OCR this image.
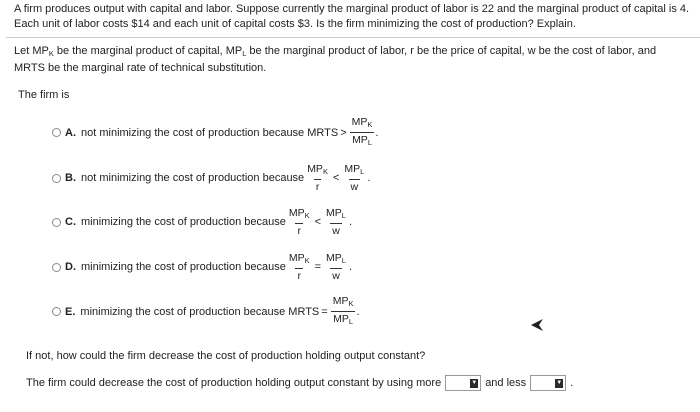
A firm produces output with capital and labor. Suppose currently the marginal product of labor is 22 and the marginal product of capital is 4. Each unit of labor costs $14 and each unit of capital costs $3. Is the firm minimizing the cost of production? Explain.
Let $MP_K$ be the marginal product of capital, $MP_L$ be the marginal product of labor, r be the price of capital, w be the cost of labor, and MRTS be the marginal rate of technical substitution.
The firm is
A. not minimizing the cost of production because MRTS > $\frac{MP_K}{MP_L}$ .
B. not minimizing the cost of production because $\frac{MP_K}{r} < \frac{MP_L}{w}$ .
C. minimizing the cost of production because $\frac{MP_K}{r} < \frac{MP_L}{w}$ .
D. minimizing the cost of production because $\frac{MP_K}{r} = \frac{MP_L}{w}$ .
E. minimizing the cost of production because MRTS = $\frac{MP_K}{MP_L}$ .
If not, how could the firm decrease the cost of production holding output constant?
The firm could decrease the cost of production holding output constant by using more	▼ and less	▼ .
